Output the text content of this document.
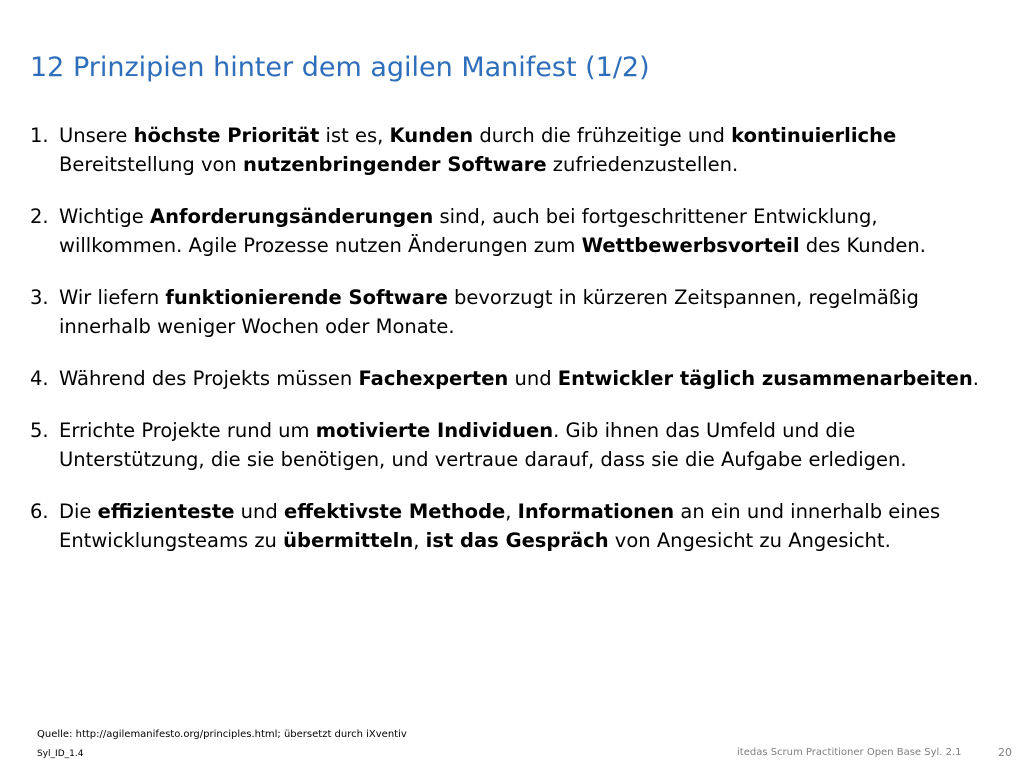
12 Prinzipien hinter dem agilen Manifest (1/2)
1. Unsere höchste Priorität ist es, Kunden durch die frühzeitige und kontinuierliche Bereitstellung von nutzenbringender Software zufriedenzustellen.
2. Wichtige Anforderungsänderungen sind, auch bei fortgeschrittener Entwicklung, willkommen. Agile Prozesse nutzen Änderungen zum Wettbewerbsvorteil des Kunden.
3. Wir liefern funktionierende Software bevorzugt in kürzeren Zeitspannen, regelmäßig innerhalb weniger Wochen oder Monate.
4. Während des Projekts müssen Fachexperten und Entwickler täglich zusammenarbeiten.
5. Errichte Projekte rund um motivierte Individuen. Gib ihnen das Umfeld und die Unterstützung, die sie benötigen, und vertraue darauf, dass sie die Aufgabe erledigen.
6. Die effizienteste und effektivste Methode, Informationen an ein und innerhalb eines Entwicklungsteams zu übermitteln, ist das Gespräch von Angesicht zu Angesicht.
Quelle: http://agilemanifesto.org/principles.html; übersetzt durch iXventiv
Syl_ID_1.4	itedas Scrum Practitioner Open Base Syl. 2.1	20
